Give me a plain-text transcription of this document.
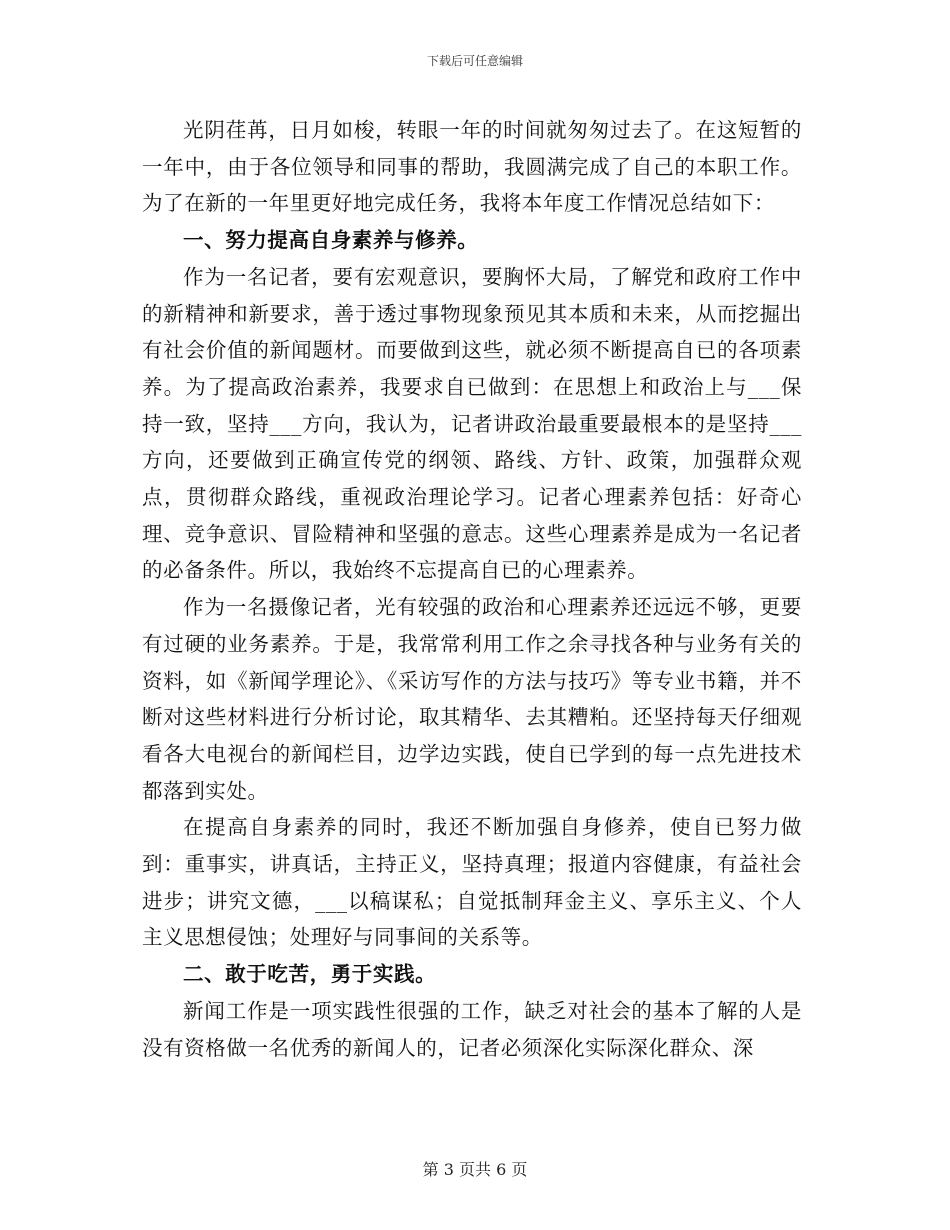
下载后可任意编辑

光阴荏苒，日月如梭，转眼一年的时间就匆匆过去了。在这短暂的一年中，由于各位领导和同事的帮助，我圆满完成了自己的本职工作。为了在新的一年里更好地完成任务，我将本年度工作情况总结如下：

一、努力提高自身素养与修养。

作为一名记者，要有宏观意识，要胸怀大局，了解党和政府工作中的新精神和新要求，善于透过事物现象预见其本质和未来，从而挖掘出有社会价值的新闻题材。而要做到这些，就必须不断提高自已的各项素养。为了提高政治素养，我要求自已做到：在思想上和政治上与___保持一致，坚持___方向，我认为，记者讲政治最重要最根本的是坚持___方向，还要做到正确宣传党的纲领、路线、方针、政策，加强群众观点，贯彻群众路线，重视政治理论学习。记者心理素养包括：好奇心理、竞争意识、冒险精神和坚强的意志。这些心理素养是成为一名记者的必备条件。所以，我始终不忘提高自已的心理素养。

作为一名摄像记者，光有较强的政治和心理素养还远远不够，更要有过硬的业务素养。于是，我常常利用工作之余寻找各种与业务有关的资料，如《新闻学理论》、《采访写作的方法与技巧》等专业书籍，并不断对这些材料进行分析讨论，取其精华、去其糟粕。还坚持每天仔细观看各大电视台的新闻栏目，边学边实践，使自已学到的每一点先进技术都落到实处。

在提高自身素养的同时，我还不断加强自身修养，使自已努力做到：重事实，讲真话，主持正义，坚持真理；报道内容健康，有益社会进步；讲究文德，___以稿谋私；自觉抵制拜金主义、享乐主义、个人主义思想侵蚀；处理好与同事间的关系等。

二、敢于吃苦，勇于实践。

新闻工作是一项实践性很强的工作，缺乏对社会的基本了解的人是没有资格做一名优秀的新闻人的，记者必须深化实际深化群众、深

第 3 页共 6 页
